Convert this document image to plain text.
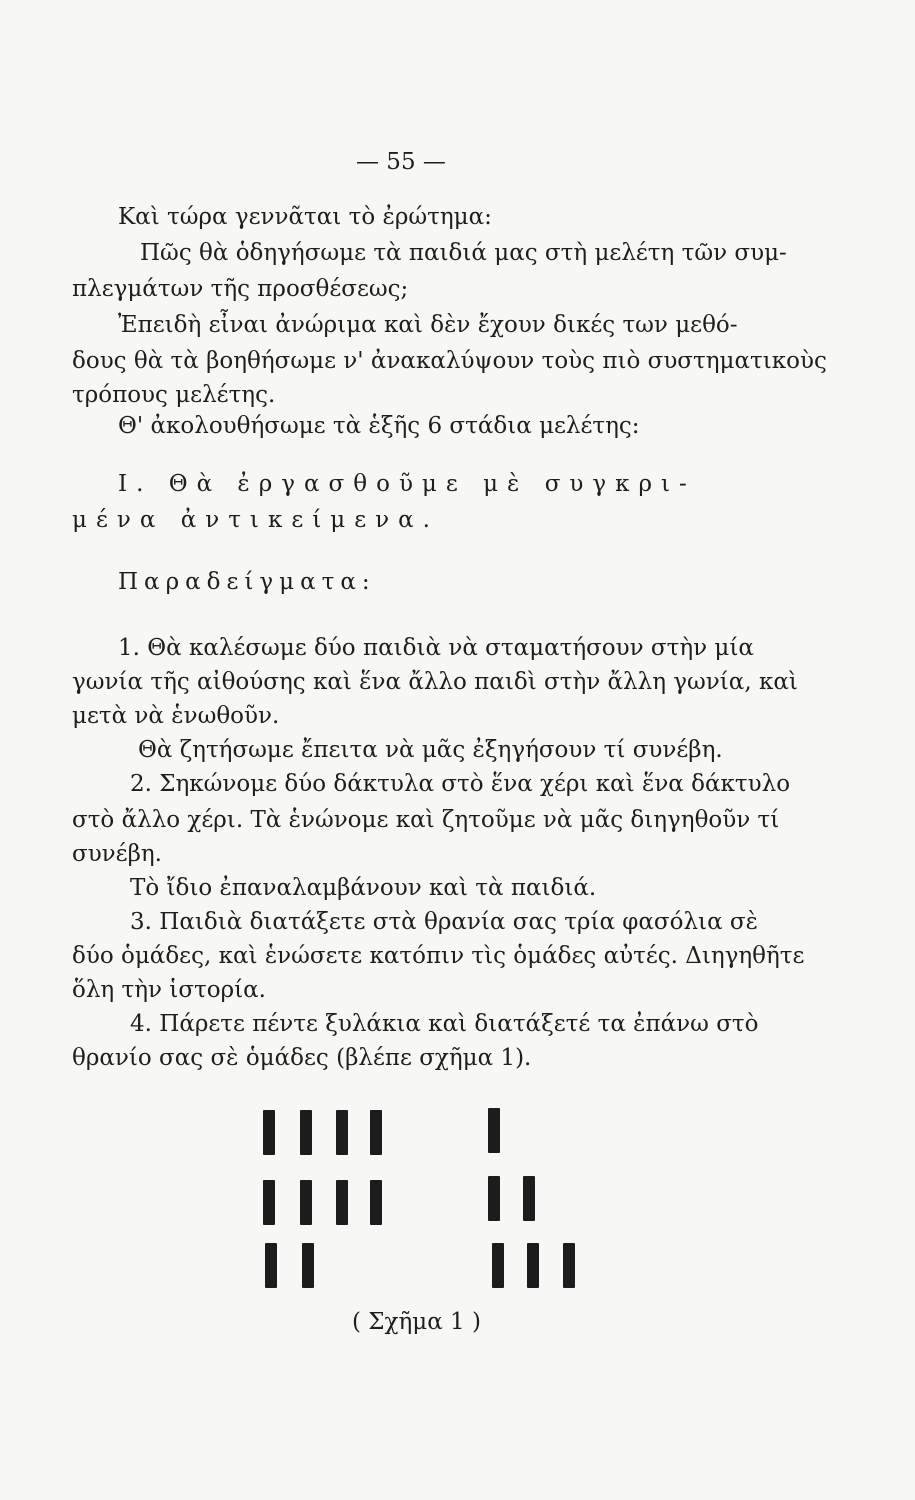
— 55 —

Καὶ τώρα γεννᾶται τὸ ἐρώτημα:

Πῶς θὰ ὁδηγήσωμε τὰ παιδιά μας στὴ μελέτη τῶν συμ-

πλεγμάτων τῆς προσθέσεως;

Ἐπειδὴ εἶναι ἀνώριμα καὶ δὲν ἔχουν δικές των μεθό-

δους θὰ τὰ βοηθήσωμε ν' ἀνακαλύψουν τοὺς πιὸ συστηματικοὺς

τρόπους μελέτης.

Θ' ἀκολουθήσωμε τὰ ἑξῆς 6 στάδια μελέτης:

Ι. Θὰ ἐργασθοῦμε μὲ συγκρι-

μένα ἀντικείμενα.

Παραδείγματα:

1. Θὰ καλέσωμε δύο παιδιὰ νὰ σταματήσουν στὴν μία

γωνία τῆς αἰθούσης καὶ ἕνα ἄλλο παιδὶ στὴν ἄλλη γωνία, καὶ

μετὰ νὰ ἑνωθοῦν.

Θὰ ζητήσωμε ἔπειτα νὰ μᾶς ἐξηγήσουν τί συνέβη.

2. Σηκώνομε δύο δάκτυλα στὸ ἕνα χέρι καὶ ἕνα δάκτυλο

στὸ ἄλλο χέρι. Τὰ ἑνώνομε καὶ ζητοῦμε νὰ μᾶς διηγηθοῦν τί

συνέβη.

Τὸ ἴδιο ἐπαναλαμβάνουν καὶ τὰ παιδιά.

3. Παιδιὰ διατάξετε στὰ θρανία σας τρία φασόλια σὲ

δύο ὁμάδες, καὶ ἑνώσετε κατόπιν τὶς ὁμάδες αὐτές. Διηγηθῆτε

ὅλη τὴν ἱστορία.

4. Πάρετε πέντε ξυλάκια καὶ διατάξετέ τα ἐπάνω στὸ

θρανίο σας σὲ ὁμάδες (βλέπε σχῆμα 1).

( Σχῆμα 1 )
